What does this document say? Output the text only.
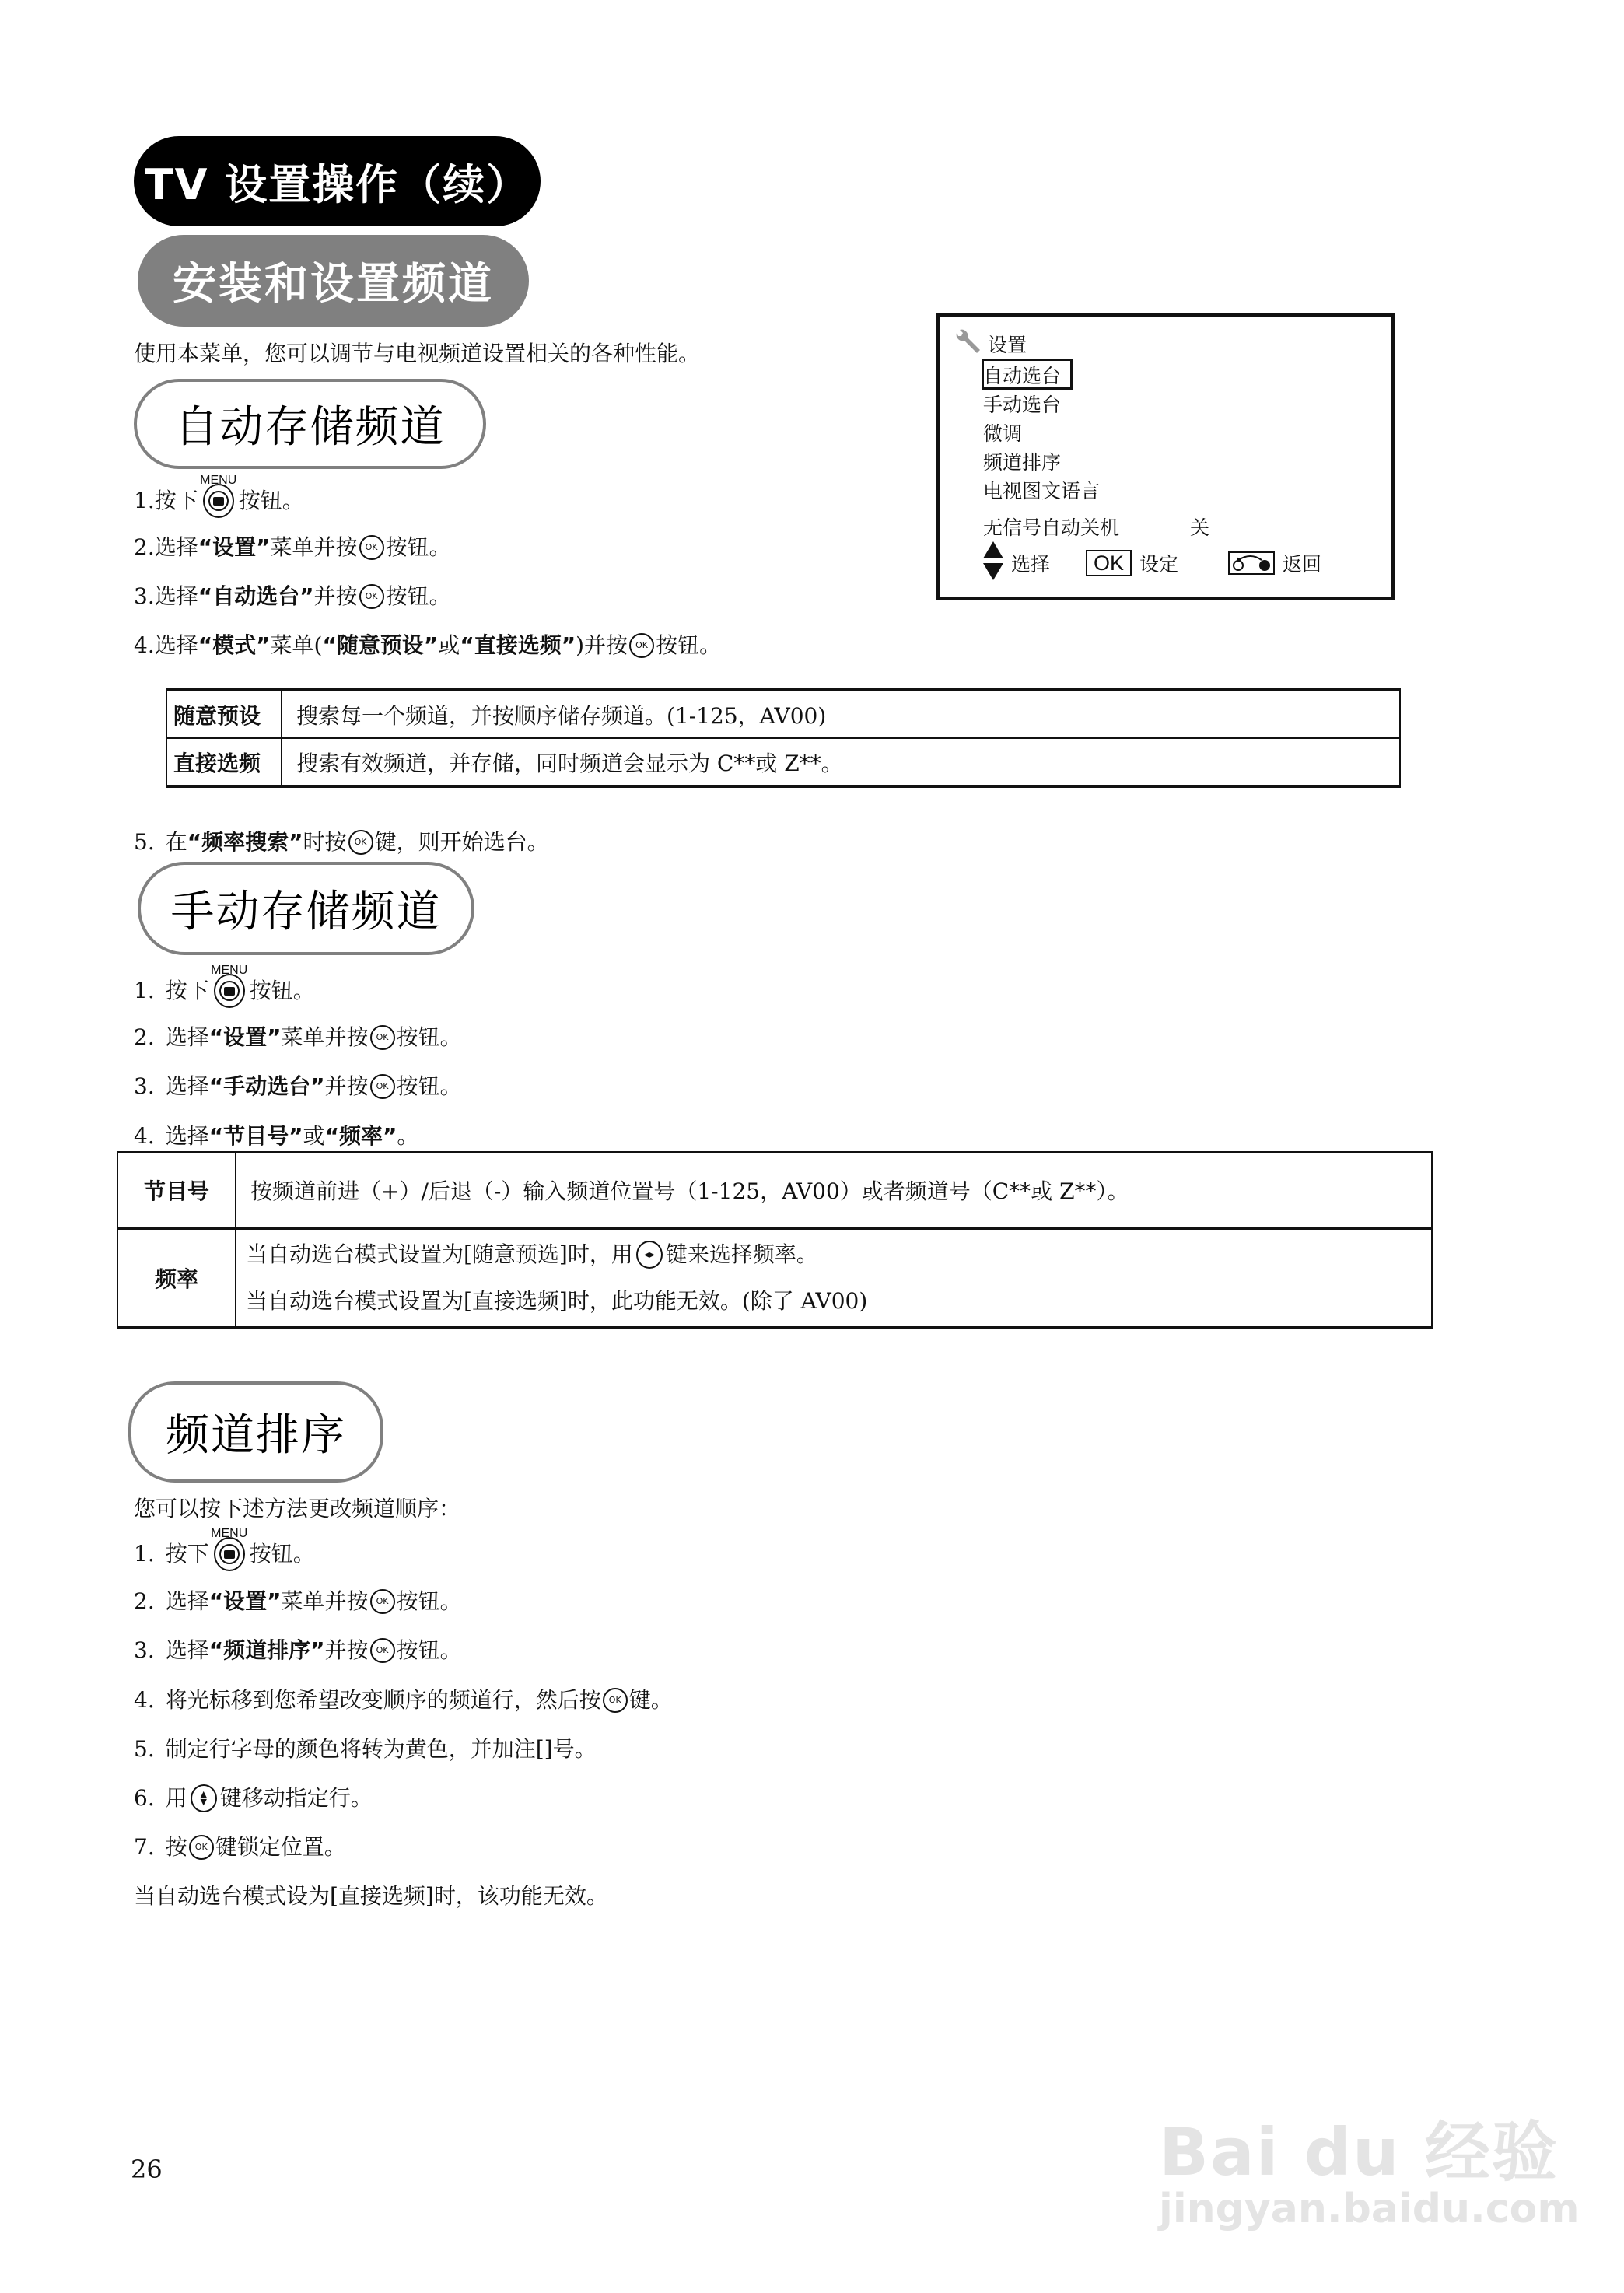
TV 设置操作（续）
安装和设置频道
使用本菜单，您可以调节与电视频道设置相关的各种性能。	设置
自动选台
手动选台
微调
频道排序
电视图文语言
无信号自动关机	关
选择	OK 设定	返回
自动存储频道
1. 按下
MENU
按钮。
2. 选择 “设置” 菜单并按 OK 按钮。
3. 选择 “自动选台” 并按 OK 按钮。
4. 选择 “模式” 菜单( “随意预设” 或 “直接选频” )并按 OK 按钮。
随意预设	搜索每一个频道，并按顺序储存频道。(1-125，AV00)
直接选频	搜索有效频道，并存储，同时频道会显示为 C**或 Z**。
5. 在 “频率搜索” 时按 OK 键，则开始选台。
手动存储频道
1. 按下
MENU
按钮。
2. 选择 “设置” 菜单并按 OK 按钮。
3. 选择 “手动选台” 并按 OK 按钮。
4. 选择 “节目号” 或 “频率” 。
节目号	按频道前进（+）/后退（-）输入频道位置号（1-125，AV00）或者频道号（C**或 Z**）。
频率	当自动选台模式设置为[随意预选]时，用 ◂▸ 键来选择频率。
当自动选台模式设置为[直接选频]时，此功能无效。(除了 AV00)
频道排序
您可以按下述方法更改频道顺序：
1. 按下
MENU
按钮。
2. 选择 “设置” 菜单并按 OK 按钮。
3. 选择 “频道排序” 并按 OK 按钮。
4. 将光标移到您希望改变顺序的频道行，然后按 OK 键。
5. 制定行字母的颜色将转为黄色，并加注[]号。
6. 用	▲
▼ 键移动指定行。
7. 按 OK 键锁定位置。
当自动选台模式设为[直接选频]时，该功能无效。
26	Bai du 经验
jingyan.baidu.com
